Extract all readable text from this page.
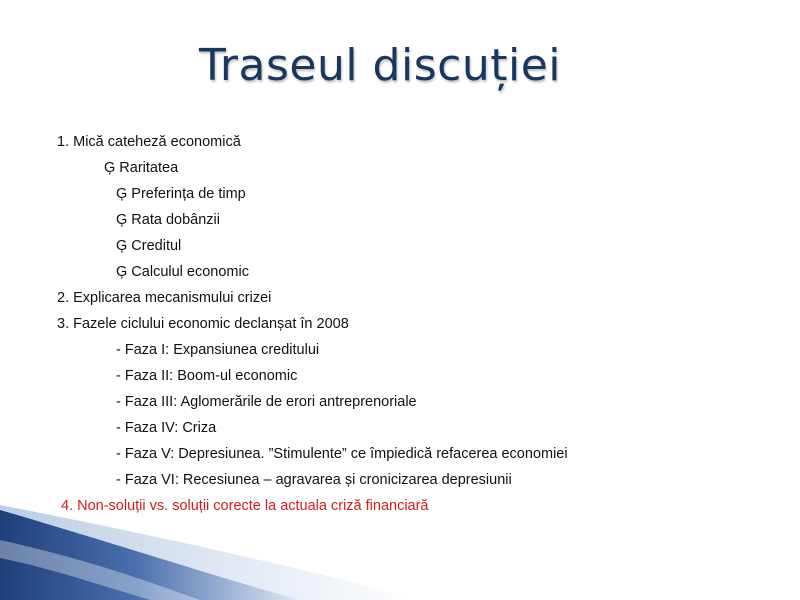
Traseul discuției
1. Mică cateheză economică
Ģ Raritatea
Ģ Preferința de timp
Ģ Rata dobânzii
Ģ Creditul
Ģ Calculul economic
2. Explicarea mecanismului crizei
3. Fazele ciclului economic declanșat în 2008
- Faza I: Expansiunea creditului
- Faza II: Boom-ul economic
- Faza III: Aglomerările de erori antreprenoriale
- Faza IV: Criza
- Faza V: Depresiunea. ”Stimulente” ce împiedică refacerea economiei
- Faza VI: Recesiunea – agravarea și cronicizarea depresiunii
4. Non-soluții vs. soluții corecte la actuala criză financiară
